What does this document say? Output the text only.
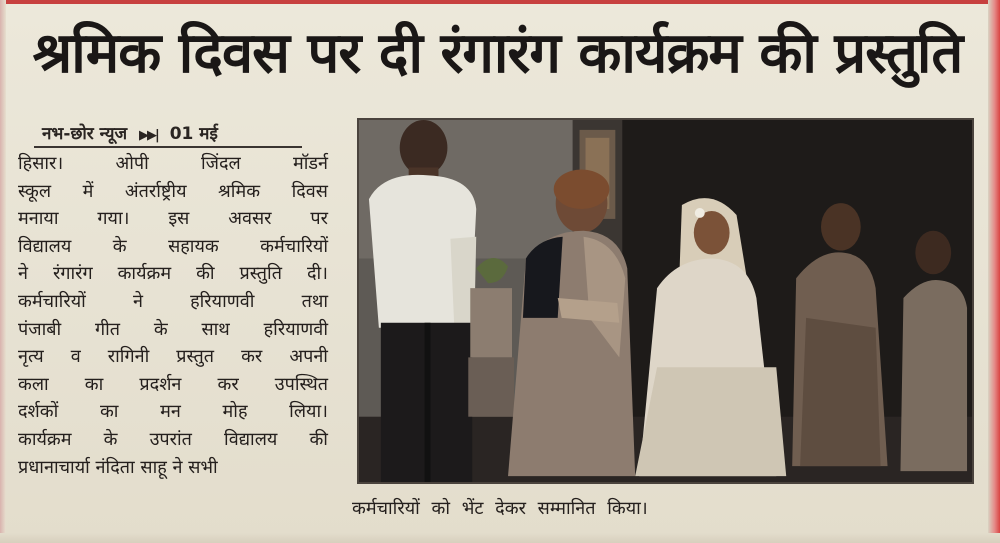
श्रमिक दिवस पर दी रंगारंग कार्यक्रम की प्रस्तुति
नभ-छोर न्यूज ▶▶| 01 मई
हिसार।	ओपी	जिंदल	मॉडर्न
स्कूल में अंतर्राष्ट्रीय श्रमिक दिवस
मनाया गया। इस अवसर पर
विद्यालय के सहायक कर्मचारियों
ने रंगारंग कार्यक्रम की प्रस्तुति दी।
कर्मचारियों	ने	हरियाणवी	तथा
पंजाबी गीत के साथ हरियाणवी
नृत्य व रागिनी प्रस्तुत कर अपनी
कला का प्रदर्शन कर उपस्थित
दर्शकों का मन मोह लिया।
कार्यक्रम के उपरांत विद्यालय की
प्रधानाचार्या नंदिता साहू ने सभी
कर्मचारियों को भेंट देकर सम्मानित किया।
